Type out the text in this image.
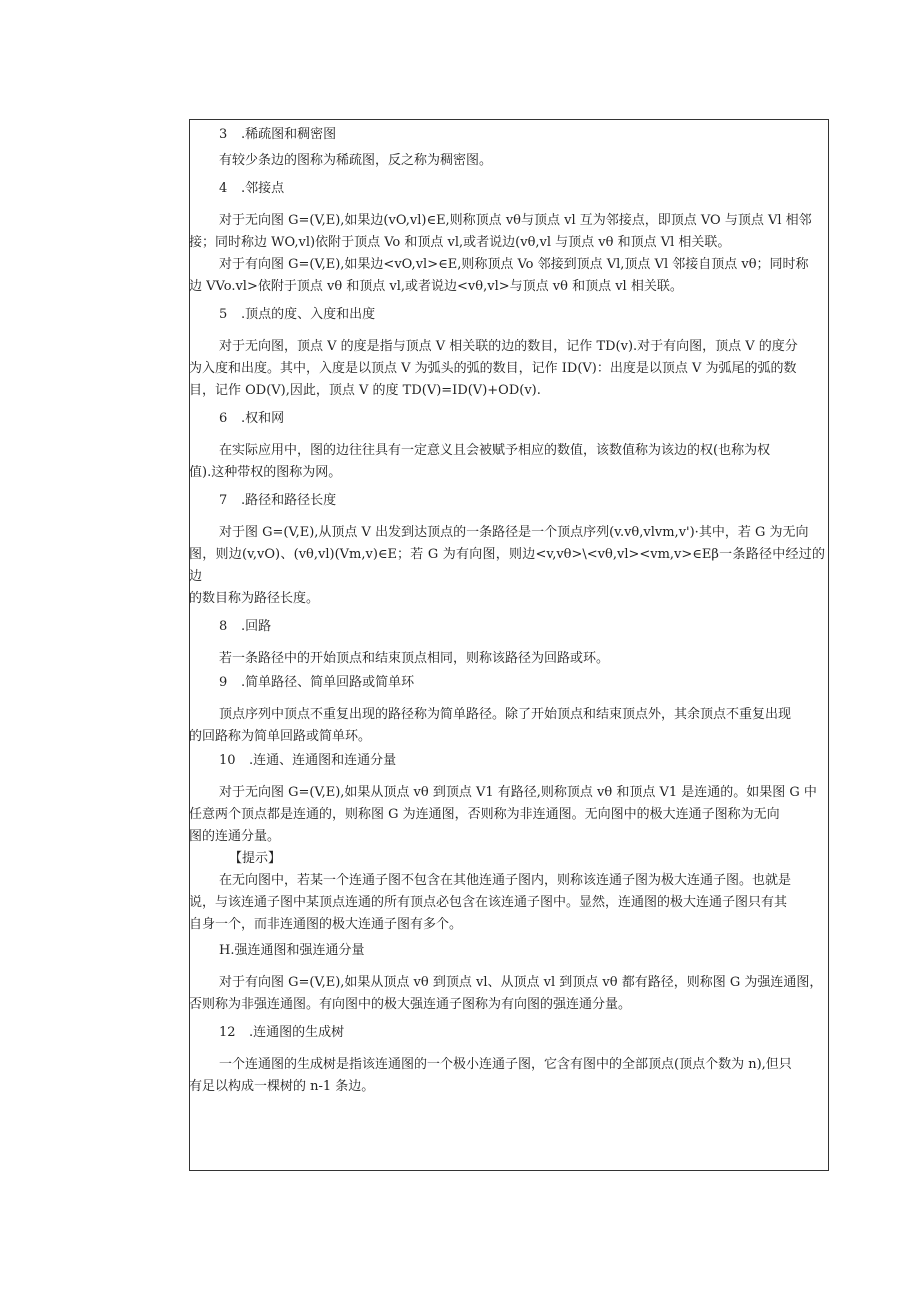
3	.稀疏图和稠密图
有较少条边的图称为稀疏图，反之称为稠密图。
4	.邻接点
对于无向图 G=(V,E),如果边(vO,vl)∈E,则称顶点 vθ与顶点 vl 互为邻接点，即顶点 VO 与顶点 Vl 相邻
接；同时称边 WO,vl)依附于顶点 Vo 和顶点 vl,或者说边(vθ,vl 与顶点 vθ 和顶点 Vl 相关联。
对于有向图 G=(V,E),如果边<vO,vl>∈E,则称顶点 Vo 邻接到顶点 Vl,顶点 Vl 邻接自顶点 vθ；同时称
边 VVo.vl>依附于顶点 vθ 和顶点 vl,或者说边<vθ,vl>与顶点 vθ 和顶点 vl 相关联。
5	.顶点的度、入度和出度
对于无向图，顶点 V 的度是指与顶点 V 相关联的边的数目，记作 TD(v).对于有向图，顶点 V 的度分
为入度和出度。其中，入度是以顶点 V 为弧头的弧的数目，记作 ID(V)：出度是以顶点 V 为弧尾的弧的数
目，记作 OD(V),因此，顶点 V 的度 TD(V)=ID(V)+OD(v).
6	.权和网
在实际应用中，图的边往往具有一定意义且会被赋予相应的数值，该数值称为该边的权(也称为权
值).这种带权的图称为网。
7	.路径和路径长度
对于图 G=(V,E),从顶点 V 出发到达顶点的一条路径是一个顶点序列(v.vθ,vlvm,v')·其中，若 G 为无向
图，则边(v,vO)、(vθ,vl)(Vm,v)∈E；若 G 为有向图，则边<v,vθ>\<vθ,vl><vm,v>∈Eβ一条路径中经过的边
的数目称为路径长度。
8	.回路
若一条路径中的开始顶点和结束顶点相同，则称该路径为回路或环。
9	.简单路径、简单回路或简单环
顶点序列中顶点不重复出现的路径称为简单路径。除了开始顶点和结束顶点外，其余顶点不重复出现
的回路称为简单回路或简单环。
10	.连通、连通图和连通分量
对于无向图 G=(V,E),如果从顶点 vθ 到顶点 V1 有路径,则称顶点 vθ 和顶点 V1 是连通的。如果图 G 中
任意两个顶点都是连通的，则称图 G 为连通图，否则称为非连通图。无向图中的极大连通子图称为无向
图的连通分量。
【提示】
在无向图中，若某一个连通子图不包含在其他连通子图内，则称该连通子图为极大连通子图。也就是
说，与该连通子图中某顶点连通的所有顶点必包含在该连通子图中。显然，连通图的极大连通子图只有其
自身一个，而非连通图的极大连通子图有多个。
H.强连通图和强连通分量
对于有向图 G=(V,E),如果从顶点 vθ 到顶点 vl、从顶点 vl 到顶点 vθ 都有路径，则称图 G 为强连通图，
否则称为非强连通图。有向图中的极大强连通子图称为有向图的强连通分量。
12	.连通图的生成树
一个连通图的生成树是指该连通图的一个极小连通子图，它含有图中的全部顶点(顶点个数为 n),但只
有足以构成一棵树的 n-1 条边。
